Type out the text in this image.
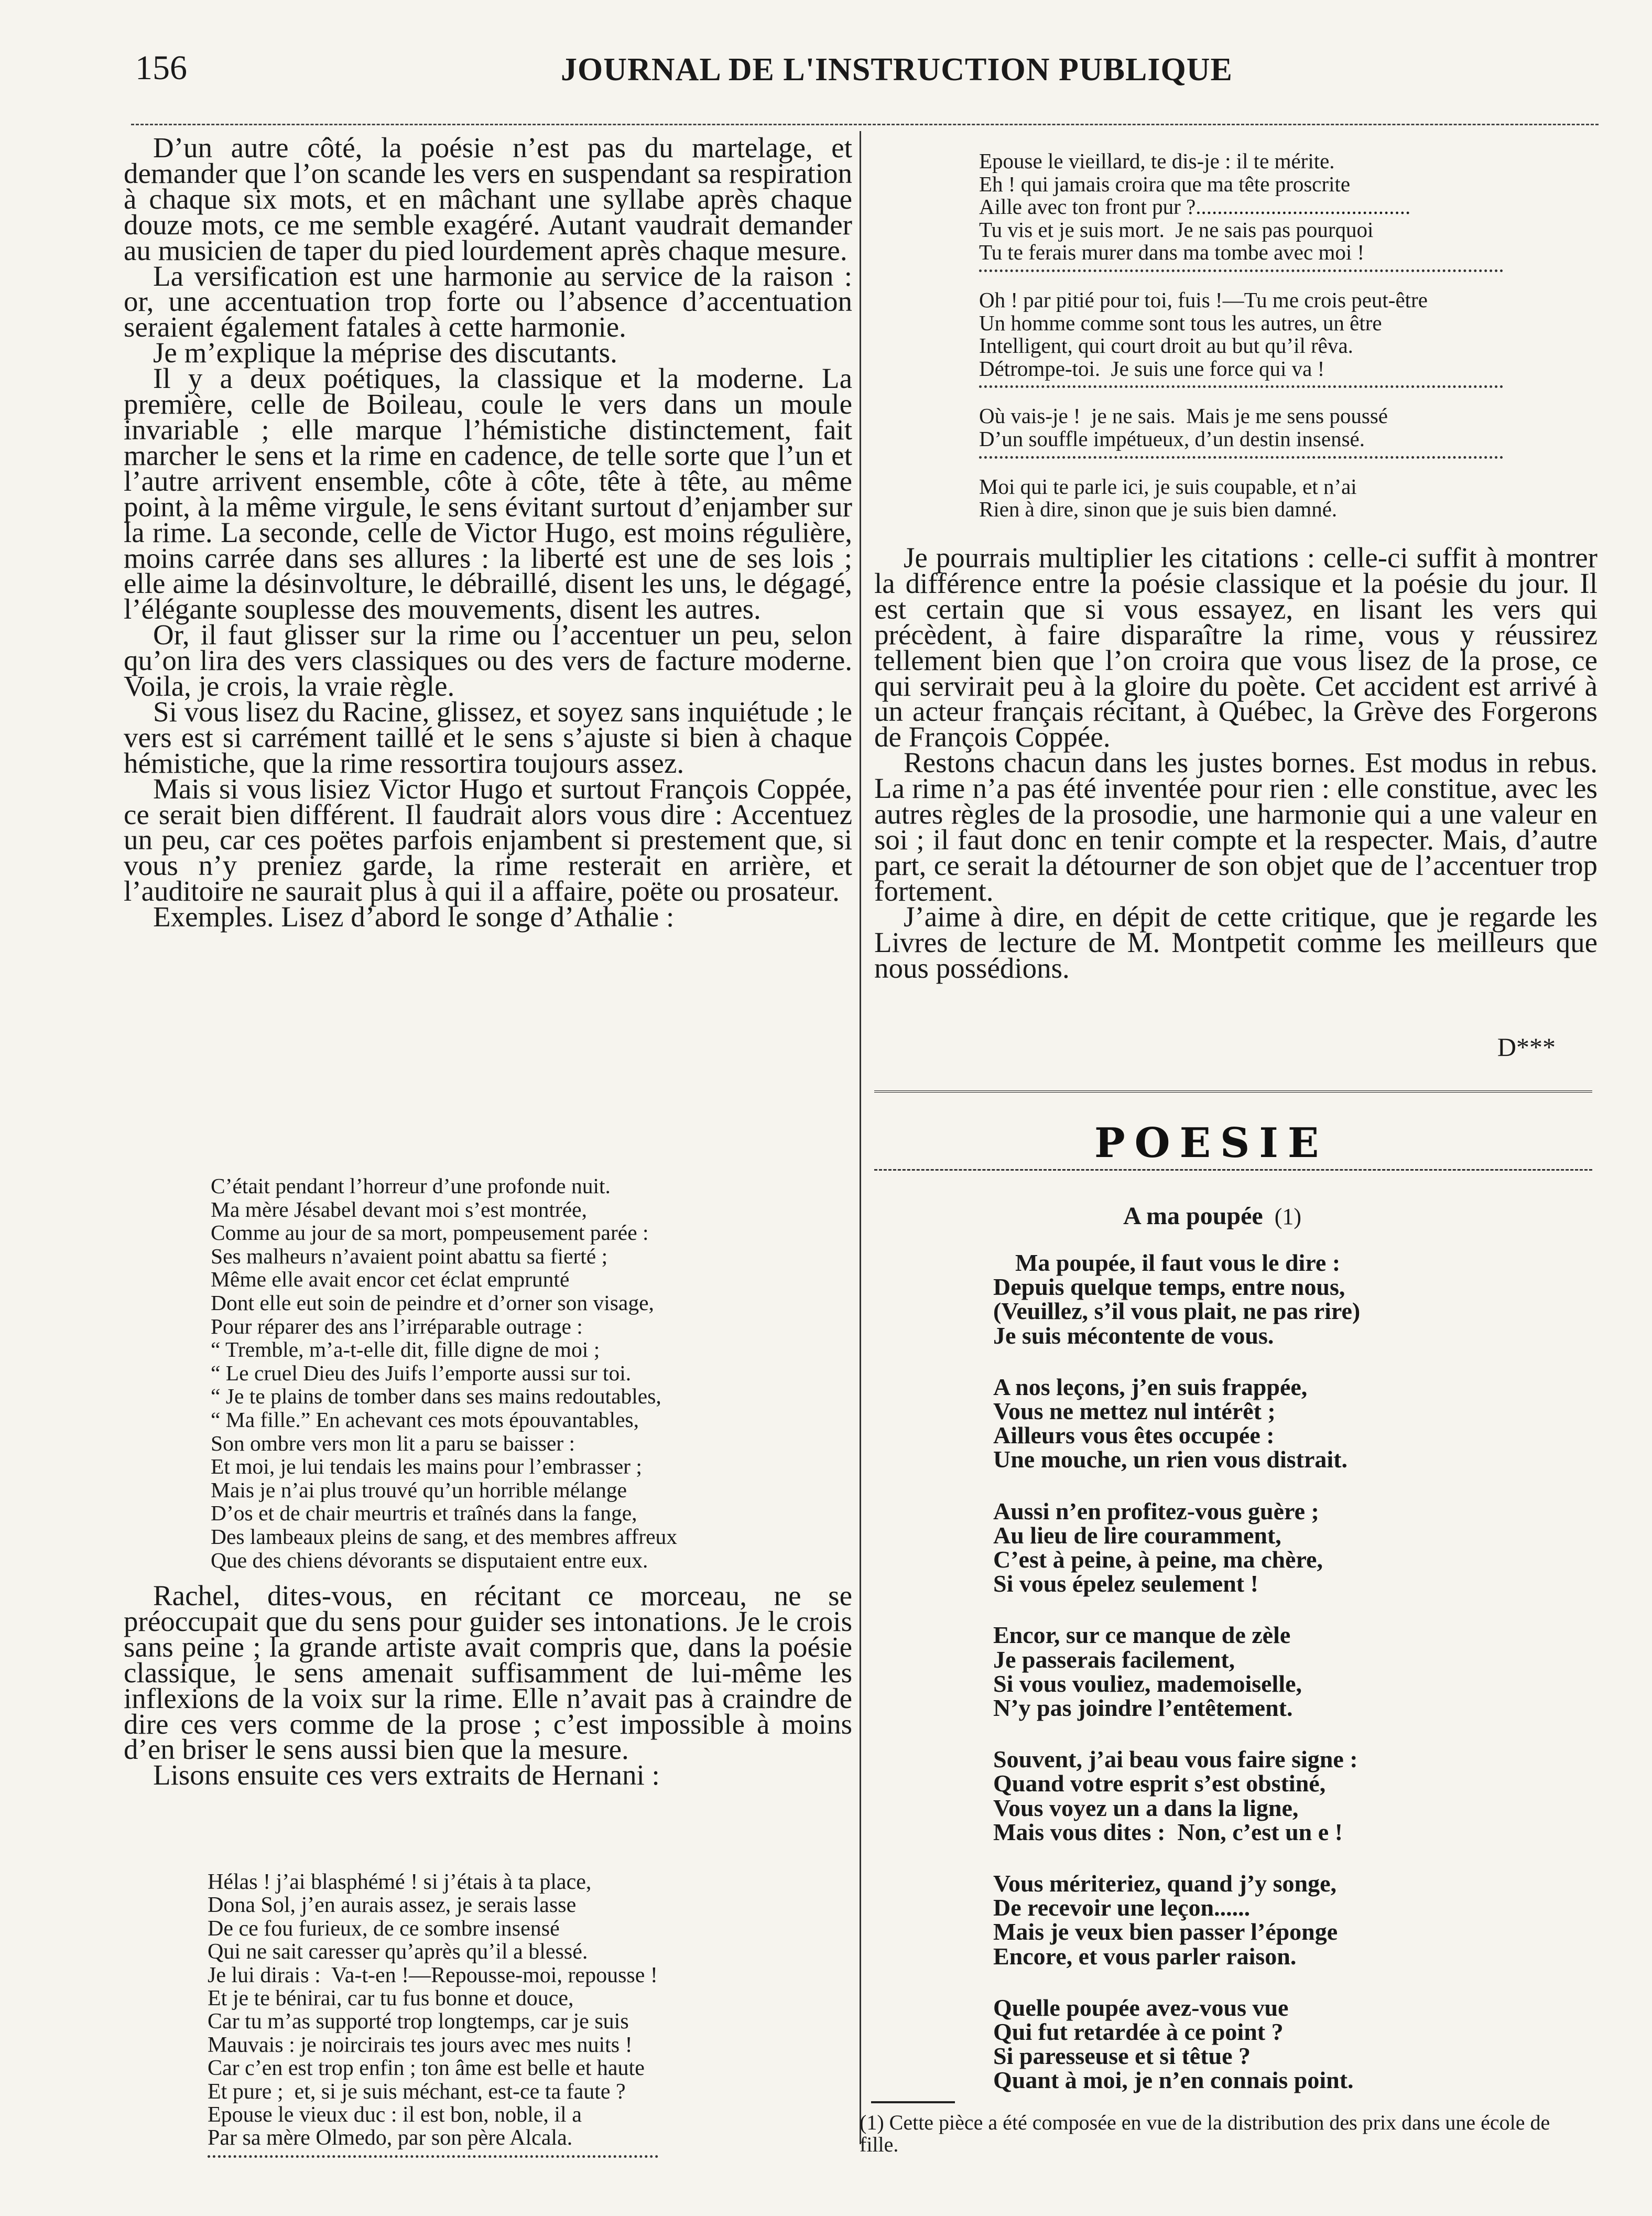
156	JOURNAL DE L'INSTRUCTION PUBLIQUE

D’un autre côté, la poésie n’est pas du martelage, et demander que l’on scande les vers en suspendant sa respiration à chaque six mots, et en mâchant une syllabe après chaque douze mots, ce me semble exagéré. Autant vaudrait demander au musicien de taper du pied lourdement après chaque mesure.

La versification est une harmonie au service de la raison : or, une accentuation trop forte ou l’absence d’accentuation seraient également fatales à cette harmonie.

Je m’explique la méprise des discutants.

Il y a deux poétiques, la classique et la moderne. La première, celle de Boileau, coule le vers dans un moule invariable ; elle marque l’hémistiche distinctement, fait marcher le sens et la rime en cadence, de telle sorte que l’un et l’autre arrivent ensemble, côte à côte, tête à tête, au même point, à la même virgule, le sens évitant surtout d’enjamber sur la rime. La seconde, celle de Victor Hugo, est moins régulière, moins carrée dans ses allures : la liberté est une de ses lois ; elle aime la désinvolture, le débraillé, disent les uns, le dégagé, l’élégante souplesse des mouvements, disent les autres.

Or, il faut glisser sur la rime ou l’accentuer un peu, selon qu’on lira des vers classiques ou des vers de facture moderne. Voila, je crois, la vraie règle.

Si vous lisez du Racine, glissez, et soyez sans inquiétude ; le vers est si carrément taillé et le sens s’ajuste si bien à chaque hémistiche, que la rime ressortira toujours assez.

Mais si vous lisiez Victor Hugo et surtout François Coppée, ce serait bien différent. Il faudrait alors vous dire : Accentuez un peu, car ces poëtes parfois enjambent si prestement que, si vous n’y preniez garde, la rime resterait en arrière, et l’auditoire ne saurait plus à qui il a affaire, poëte ou prosateur.

Exemples. Lisez d’abord le songe d’Athalie :

C’était pendant l’horreur d’une profonde nuit.
Ma mère Jésabel devant moi s’est montrée,
Comme au jour de sa mort, pompeusement parée :
Ses malheurs n’avaient point abattu sa fierté ;
Même elle avait encor cet éclat emprunté
Dont elle eut soin de peindre et d’orner son visage,
Pour réparer des ans l’irréparable outrage :
“ Tremble, m’a-t-elle dit, fille digne de moi ;
“ Le cruel Dieu des Juifs l’emporte aussi sur toi.
“ Je te plains de tomber dans ses mains redoutables,
“ Ma fille.” En achevant ces mots épouvantables,
Son ombre vers mon lit a paru se baisser :
Et moi, je lui tendais les mains pour l’embrasser ;
Mais je n’ai plus trouvé qu’un horrible mélange
D’os et de chair meurtris et traînés dans la fange,
Des lambeaux pleins de sang, et des membres affreux
Que des chiens dévorants se disputaient entre eux.

Rachel, dites-vous, en récitant ce morceau, ne se préoccupait que du sens pour guider ses intonations. Je le crois sans peine ; la grande artiste avait compris que, dans la poésie classique, le sens amenait suffisamment de lui-même les inflexions de la voix sur la rime. Elle n’avait pas à craindre de dire ces vers comme de la prose ; c’est impossible à moins d’en briser le sens aussi bien que la mesure.

Lisons ensuite ces vers extraits de Hernani :

Hélas ! j’ai blasphémé ! si j’étais à ta place,
Dona Sol, j’en aurais assez, je serais lasse
De ce fou furieux, de ce sombre insensé
Qui ne sait caresser qu’après qu’il a blessé.
Je lui dirais :  Va-t-en !—Repousse-moi, repousse !
Et je te bénirai, car tu fus bonne et douce,
Car tu m’as supporté trop longtemps, car je suis
Mauvais : je noircirais tes jours avec mes nuits !
Car c’en est trop enfin ; ton âme est belle et haute
Et pure ;  et, si je suis méchant, est-ce ta faute ?
Epouse le vieux duc : il est bon, noble, il a
Par sa mère Olmedo, par son père Alcala.
Epouse le vieillard, te dis-je : il te mérite.
Eh ! qui jamais croira que ma tête proscrite
Aille avec ton front pur ?........................................
Tu vis et je suis mort.  Je ne sais pas pourquoi
Tu te ferais murer dans ma tombe avec moi !
Oh ! par pitié pour toi, fuis !—Tu me crois peut-être
Un homme comme sont tous les autres, un être
Intelligent, qui court droit au but qu’il rêva.
Détrompe-toi.  Je suis une force qui va !
Où vais-je !  je ne sais.  Mais je me sens poussé
D’un souffle impétueux, d’un destin insensé.
Moi qui te parle ici, je suis coupable, et n’ai
Rien à dire, sinon que je suis bien damné.

Je pourrais multiplier les citations : celle-ci suffit à montrer la différence entre la poésie classique et la poésie du jour. Il est certain que si vous essayez, en lisant les vers qui précèdent, à faire disparaître la rime, vous y réussirez tellement bien que l’on croira que vous lisez de la prose, ce qui servirait peu à la gloire du poète. Cet accident est arrivé à un acteur français récitant, à Québec, la Grève des Forgerons de François Coppée.

Restons chacun dans les justes bornes. Est modus in rebus. La rime n’a pas été inventée pour rien : elle constitue, avec les autres règles de la prosodie, une harmonie qui a une valeur en soi ; il faut donc en tenir compte et la respecter. Mais, d’autre part, ce serait la détourner de son objet que de l’accentuer trop fortement.

J’aime à dire, en dépit de cette critique, que je regarde les Livres de lecture de M. Montpetit comme les meilleurs que nous possédions.

D***
POESIE
A ma poupée (1)
Ma poupée, il faut vous le dire :
Depuis quelque temps, entre nous,
(Veuillez, s’il vous plait, ne pas rire)
Je suis mécontente de vous.
A nos leçons, j’en suis frappée,
Vous ne mettez nul intérêt ;
Ailleurs vous êtes occupée :
Une mouche, un rien vous distrait.
Aussi n’en profitez-vous guère ;
Au lieu de lire couramment,
C’est à peine, à peine, ma chère,
Si vous épelez seulement !
Encor, sur ce manque de zèle
Je passerais facilement,
Si vous vouliez, mademoiselle,
N’y pas joindre l’entêtement.
Souvent, j’ai beau vous faire signe :
Quand votre esprit s’est obstiné,
Vous voyez un a dans la ligne,
Mais vous dites :  Non, c’est un e !
Vous mériteriez, quand j’y songe,
De recevoir une leçon......
Mais je veux bien passer l’éponge
Encore, et vous parler raison.
Quelle poupée avez-vous vue
Qui fut retardée à ce point ?
Si paresseuse et si têtue ?
Quant à moi, je n’en connais point.
(1) Cette pièce a été composée en vue de la distribution des prix dans une école de fille.
